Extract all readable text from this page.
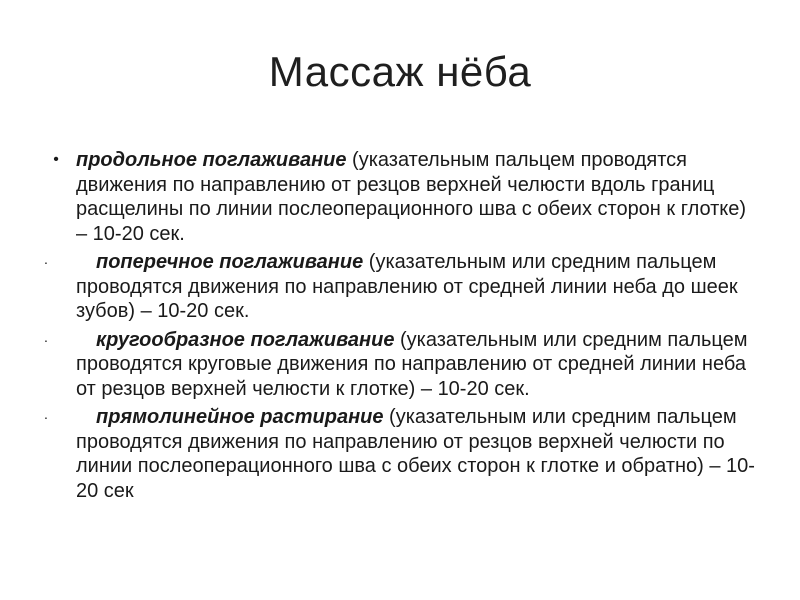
Массаж нёба
• продольное поглаживание (указательным пальцем проводятся движения по направлению от резцов верхней челюсти вдоль границ расщелины по линии послеоперационного шва с обеих сторон к глотке) – 10-20 сек.
· поперечное поглаживание (указательным или средним пальцем проводятся движения по направлению от средней линии неба до шеек зубов) – 10-20 сек.
· кругообразное поглаживание (указательным или средним пальцем проводятся круговые движения по направлению от средней линии неба от резцов верхней челюсти к глотке) – 10-20 сек.
· прямолинейное растирание (указательным или средним пальцем проводятся движения по направлению от резцов верхней челюсти по линии послеоперационного шва с обеих сторон к глотке и обратно) – 10-20 сек
